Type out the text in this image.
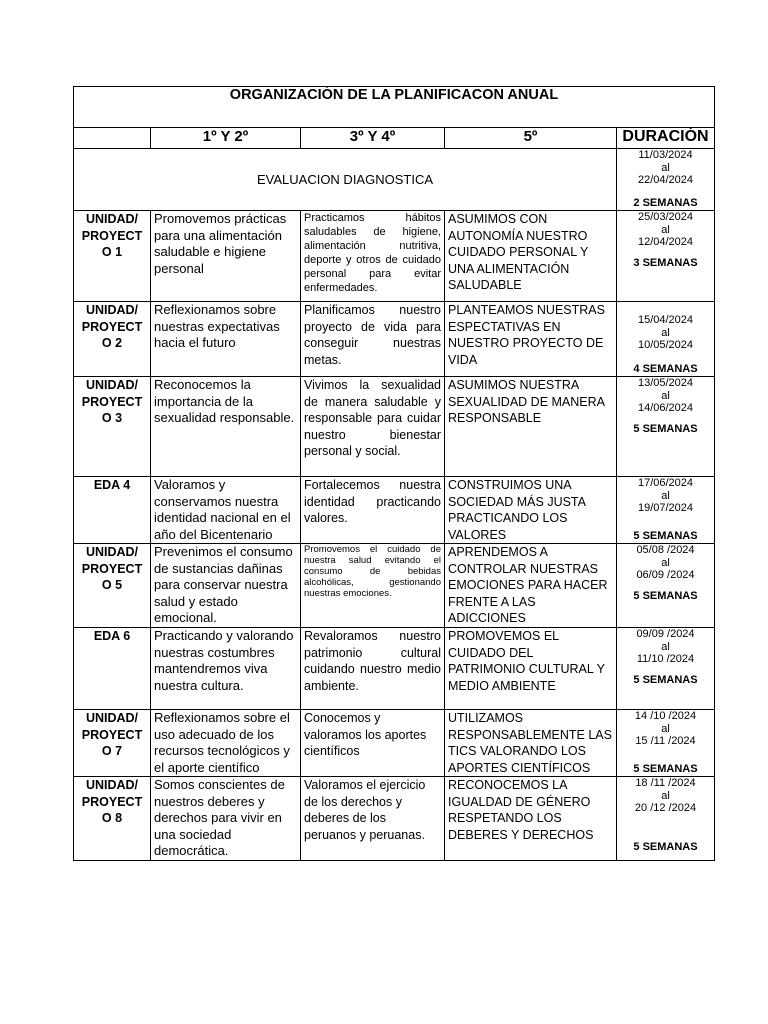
ORGANIZACIÓN DE LA PLANIFICACON ANUAL				
	1º Y 2º	3º Y 4º	5º	DURACIÓN
EVALUACION DIAGNOSTICA				11/03/2024
al
22/04/2024
2 SEMANAS

UNIDAD/ PROYECT O 1	Promovemos prácticas para una alimentación saludable e higiene personal	Practicamos hábitos saludables de higiene, alimentación nutritiva, deporte y otros de cuidado personal para evitar enfermedades.	ASUMIMOS CON AUTONOMÍA NUESTRO CUIDADO PERSONAL Y UNA ALIMENTACIÓN SALUDABLE	25/03/2024
al
12/04/2024
3 SEMANAS

UNIDAD/ PROYECT O 2	Reflexionamos sobre nuestras expectativas hacia el futuro	Planificamos nuestro proyecto de vida para conseguir nuestras metas.	PLANTEAMOS NUESTRAS ESPECTATIVAS EN NUESTRO PROYECTO DE VIDA	15/04/2024
al
10/05/2024
4 SEMANAS

UNIDAD/ PROYECT O 3	Reconocemos la importancia de la sexualidad responsable.	Vivimos la sexualidad de manera saludable y responsable para cuidar nuestro bienestar personal y social.	ASUMIMOS NUESTRA SEXUALIDAD DE MANERA RESPONSABLE	13/05/2024
al
14/06/2024
5 SEMANAS

EDA 4	Valoramos y conservamos nuestra identidad nacional en el año del Bicentenario	Fortalecemos nuestra identidad practicando valores.	CONSTRUIMOS UNA SOCIEDAD MÁS JUSTA PRACTICANDO LOS VALORES	17/06/2024
al
19/07/2024
5 SEMANAS

UNIDAD/ PROYECT O 5	Prevenimos el consumo de sustancias dañinas para conservar nuestra salud y estado emocional.	Promovemos el cuidado de nuestra salud evitando el consumo de bebidas alcohólicas, gestionando nuestras emociones.	APRENDEMOS A CONTROLAR NUESTRAS EMOCIONES PARA HACER FRENTE A LAS ADICCIONES	05/08 /2024
al
06/09 /2024
5 SEMANAS

EDA 6	Practicando y valorando nuestras costumbres mantendremos viva nuestra cultura.	Revaloramos nuestro patrimonio cultural cuidando nuestro medio ambiente.	PROMOVEMOS EL CUIDADO DEL PATRIMONIO CULTURAL Y MEDIO AMBIENTE	09/09 /2024
al
11/10 /2024
5 SEMANAS

UNIDAD/ PROYECT O 7	Reflexionamos sobre el uso adecuado de los recursos tecnológicos y el aporte científico	Conocemos y valoramos los aportes científicos	UTILIZAMOS RESPONSABLEMENTE LAS TICS VALORANDO LOS APORTES CIENTÍFICOS	14 /10 /2024
al
15 /11 /2024
5 SEMANAS

UNIDAD/ PROYECT O 8	Somos conscientes de nuestros deberes y derechos para vivir en una sociedad democrática.	Valoramos el ejercicio de los derechos y deberes de los peruanos y peruanas.	RECONOCEMOS LA IGUALDAD DE GÉNERO RESPETANDO LOS DEBERES Y DERECHOS	18 /11 /2024
al
20 /12 /2024
5 SEMANAS
